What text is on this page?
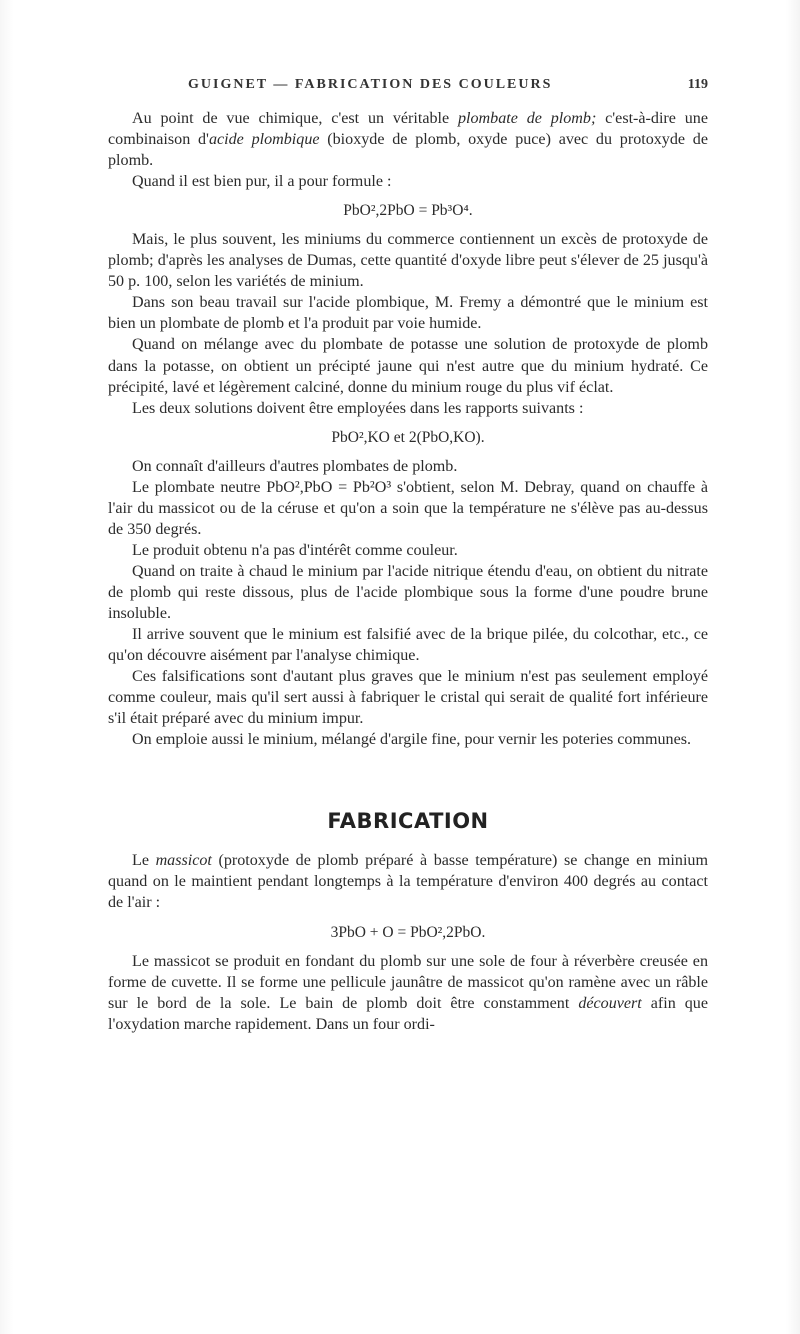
GUIGNET — FABRICATION DES COULEURS	119

Au point de vue chimique, c'est un véritable plombate de plomb; c'est-à-dire une combinaison d'acide plombique (bioxyde de plomb, oxyde puce) avec du protoxyde de plomb.

Quand il est bien pur, il a pour formule :

PbO²,2PbO = Pb³O⁴.

Mais, le plus souvent, les miniums du commerce contiennent un excès de protoxyde de plomb; d'après les analyses de Dumas, cette quantité d'oxyde libre peut s'élever de 25 jusqu'à 50 p. 100, selon les variétés de minium.

Dans son beau travail sur l'acide plombique, M. Fremy a démontré que le minium est bien un plombate de plomb et l'a produit par voie humide.

Quand on mélange avec du plombate de potasse une solution de protoxyde de plomb dans la potasse, on obtient un précipté jaune qui n'est autre que du minium hydraté. Ce précipité, lavé et légèrement calciné, donne du minium rouge du plus vif éclat.

Les deux solutions doivent être employées dans les rapports suivants :

PbO²,KO et 2(PbO,KO).

On connaît d'ailleurs d'autres plombates de plomb.

Le plombate neutre PbO²,PbO = Pb²O³ s'obtient, selon M. Debray, quand on chauffe à l'air du massicot ou de la céruse et qu'on a soin que la température ne s'élève pas au-dessus de 350 degrés.

Le produit obtenu n'a pas d'intérêt comme couleur.

Quand on traite à chaud le minium par l'acide nitrique étendu d'eau, on obtient du nitrate de plomb qui reste dissous, plus de l'acide plombique sous la forme d'une poudre brune insoluble.

Il arrive souvent que le minium est falsifié avec de la brique pilée, du colcothar, etc., ce qu'on découvre aisément par l'analyse chimique.

Ces falsifications sont d'autant plus graves que le minium n'est pas seulement employé comme couleur, mais qu'il sert aussi à fabriquer le cristal qui serait de qualité fort inférieure s'il était préparé avec du minium impur.

On emploie aussi le minium, mélangé d'argile fine, pour vernir les poteries communes.

FABRICATION

Le massicot (protoxyde de plomb préparé à basse température) se change en minium quand on le maintient pendant longtemps à la température d'environ 400 degrés au contact de l'air :

3PbO + O = PbO²,2PbO.

Le massicot se produit en fondant du plomb sur une sole de four à réverbère creusée en forme de cuvette. Il se forme une pellicule jaunâtre de massicot qu'on ramène avec un râble sur le bord de la sole. Le bain de plomb doit être constamment découvert afin que l'oxydation marche rapidement. Dans un four ordi-
